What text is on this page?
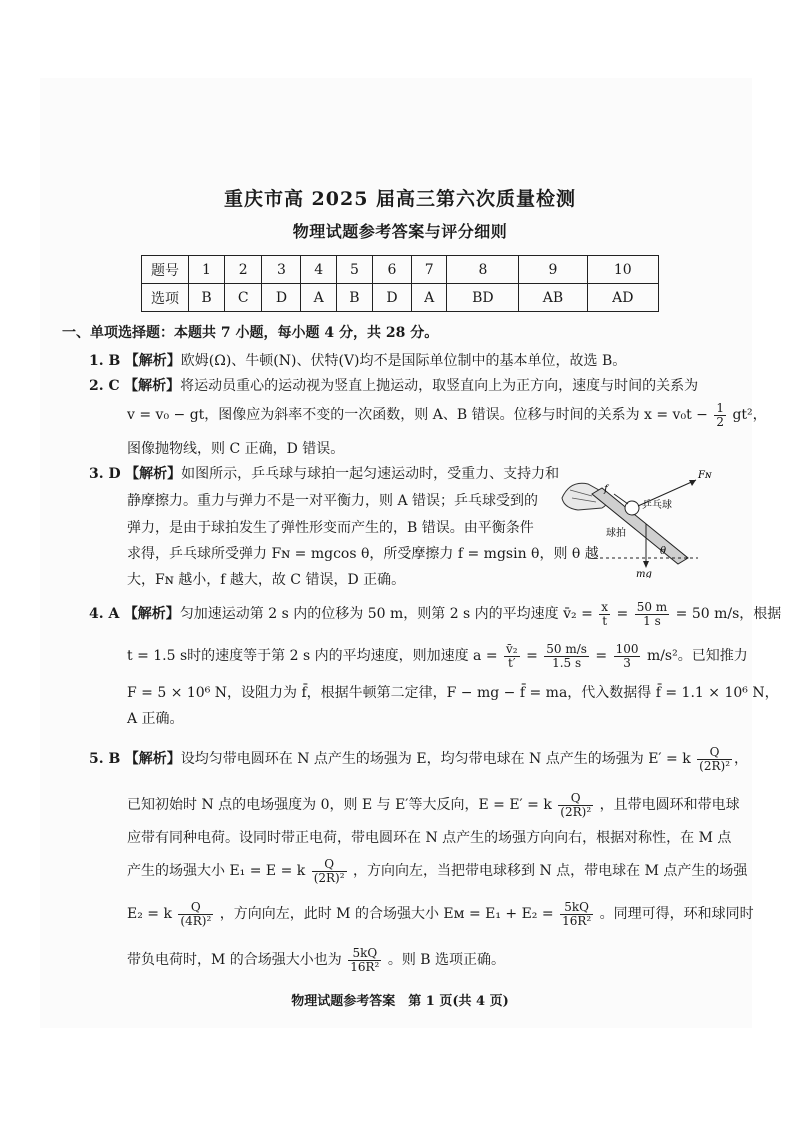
重庆市高 2025 届高三第六次质量检测
物理试题参考答案与评分细则
题号	1	2	3	4	5	6	7	8	9	10
选项	B	C	D	A	B	D	A	BD	AB	AD
一、单项选择题：本题共 7 小题，每小题 4 分，共 28 分。
1. B 【解析】欧姆(Ω)、牛顿(N)、伏特(V)均不是国际单位制中的基本单位，故选 B。
2. C 【解析】将运动员重心的运动视为竖直上抛运动，取竖直向上为正方向，速度与时间的关系为
v = v₀ − gt，图像应为斜率不变的一次函数，则 A、B 错误。位移与时间的关系为 $x = v_0t - \frac{1}{2} gt^2$，
图像抛物线，则 C 正确，D 错误。
3. D 【解析】如图所示，乒乓球与球拍一起匀速运动时，受重力、支持力和
静摩擦力。重力与弹力不是一对平衡力，则 A 错误；乒乓球受到的
弹力，是由于球拍发生了弹性形变而产生的，B 错误。由平衡条件
求得，乒乓球所受弹力 Fɴ = mgcos θ，所受摩擦力 f = mgsin θ，则 θ 越
大，Fɴ 越小，f 越大，故 C 错误，D 正确。
Fɴ
f
乒乓球
球拍
θ
mg
4. A 【解析】匀加速运动第 2 s 内的位移为 50 m，则第 2 s 内的平均速度 v̄₂ = $\frac{x}{t} = \frac{50 m}{1 s} = 50$ m/s，根据
t = 1.5 s时的速度等于第 2 s 内的平均速度，则加速度 $a = \frac{\text{v̄₂}}{t'} = \frac{50 m/s}{1.5 s} = \frac{100}{3} m/s^2$。已知推力
F = 5 × 10⁶ N，设阻力为 f̄，根据牛顿第二定律，F − mg − f̄ = ma，代入数据得 f̄ = 1.1 × 10⁶ N，
A 正确。
5. B 【解析】设均匀带电圆环在 N 点产生的场强为 E，均匀带电球在 N 点产生的场强为 E′ = k $\frac{Q}{\text{(2R)²}}$ ，
已知初始时 N 点的电场强度为 0，则 E 与 E′等大反向，E = E′ = k $\frac{Q}{\text{(2R)²}}$ ，且带电圆环和带电球
应带有同种电荷。设同时带正电荷，带电圆环在 N 点产生的场强方向向右，根据对称性，在 M 点
产生的场强大小 E₁ = E = k $\frac{Q}{\text{(2R)²}}$ ，方向向左，当把带电球移到 N 点，带电球在 M 点产生的场强
E₂ = k $\frac{Q}{\text{(4R)²}}$ ，方向向左，此时 M 的合场强大小 Eᴍ = $E_1 + E_2 = \frac{5kQ}{\text{16R²}}$ 。同理可得，环和球同时
带负电荷时，M 的合场强大小也为 $\frac{5kQ}{\text{16R²}}$ 。则 B 选项正确。
物理试题参考答案　第 1 页(共 4 页)
